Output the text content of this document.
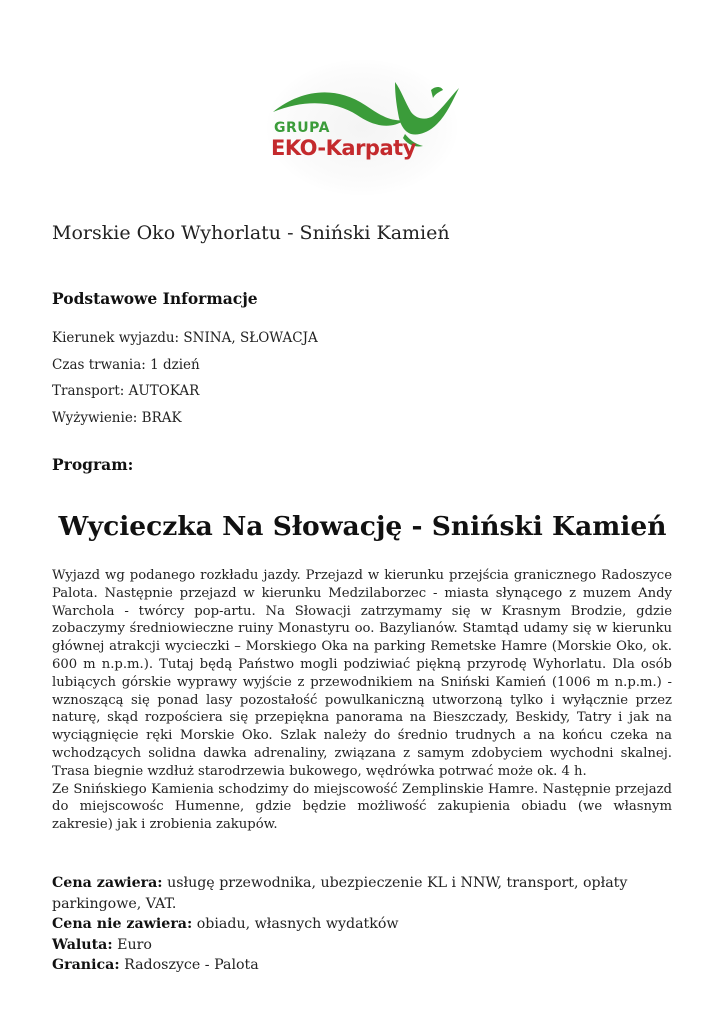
GRUPA
EKO-Karpaty
Morskie Oko Wyhorlatu - Sniński Kamień
Podstawowe Informacje

Kierunek wyjazdu: SNINA, SŁOWACJA

Czas trwania: 1 dzień

Transport: AUTOKAR

Wyżywienie: BRAK

Program:
Wycieczka Na Słowację - Sniński Kamień

Wyjazd wg podanego rozkładu jazdy. Przejazd w kierunku przejścia granicznego Radoszyce Palota. Następnie przejazd w kierunku Medzilaborzec - miasta słynącego z muzem Andy Warchola - twórcy pop-artu. Na Słowacji zatrzymamy się w Krasnym Brodzie, gdzie zobaczymy średniowieczne ruiny Monastyru oo. Bazylianów. Stamtąd udamy się w kierunku głównej atrakcji wycieczki – Morskiego Oka na parking Remetske Hamre (Morskie Oko, ok. 600 m n.p.m.). Tutaj będą Państwo mogli podziwiać piękną przyrodę Wyhorlatu. Dla osób lubiących górskie wyprawy wyjście z przewodnikiem na Sniński Kamień (1006 m n.p.m.) - wznoszącą się ponad lasy pozostałość powulkaniczną utworzoną tylko i wyłącznie przez naturę, skąd rozpościera się przepiękna panorama na Bieszczady, Beskidy, Tatry i jak na wyciągnięcie ręki Morskie Oko. Szlak należy do średnio trudnych a na końcu czeka na wchodzących solidna dawka adrenaliny, związana z samym zdobyciem wychodni skalnej. Trasa biegnie wzdłuż starodrzewia bukowego, wędrówka potrwać może ok. 4 h.

Ze Snińskiego Kamienia schodzimy do miejscowość Zemplinskie Hamre. Następnie przejazd do miejscowośc Humenne, gdzie będzie możliwość zakupienia obiadu (we własnym zakresie) jak i zrobienia zakupów.

Cena zawiera: usługę przewodnika, ubezpieczenie KL i NNW, transport, opłaty parkingowe, VAT.

Cena nie zawiera: obiadu, własnych wydatków

Waluta: Euro

Granica: Radoszyce - Palota
